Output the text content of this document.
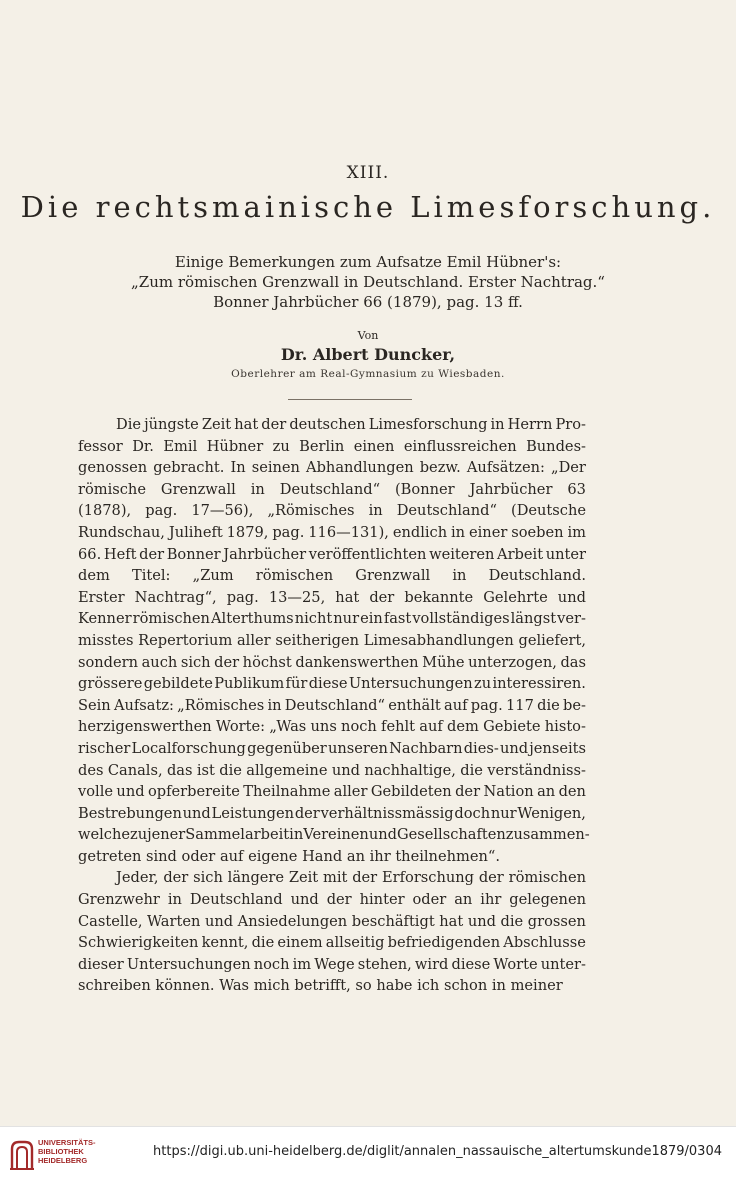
XIII.
Die rechtsmainische Limesforschung.
Einige Bemerkungen zum Aufsatze Emil Hübner's:
„Zum römischen Grenzwall in Deutschland. Erster Nachtrag.“
Bonner Jahrbücher 66 (1879), pag. 13 ff.
Von
Dr. Albert Duncker,
Oberlehrer am Real-Gymnasium zu Wiesbaden.
Die jüngste Zeit hat der deutschen Limesforschung in Herrn Pro-
fessor Dr. Emil Hübner zu Berlin einen einflussreichen Bundes-
genossen gebracht. In seinen Abhandlungen bezw. Aufsätzen: „Der
römische Grenzwall in Deutschland“ (Bonner Jahrbücher 63
(1878), pag. 17—56), „Römisches in Deutschland“ (Deutsche
Rundschau, Juliheft 1879, pag. 116—131), endlich in einer soeben im
66. Heft der Bonner Jahrbücher veröffentlichten weiteren Arbeit unter
dem Titel: „Zum römischen Grenzwall in Deutschland.
Erster Nachtrag“, pag. 13—25, hat der bekannte Gelehrte und
Kenner römischen Alterthums nicht nur ein fast vollständiges längst ver-
misstes Repertorium aller seitherigen Limesabhandlungen geliefert,
sondern auch sich der höchst dankenswerthen Mühe unterzogen, das
grössere gebildete Publikum für diese Untersuchungen zu interessiren.
Sein Aufsatz: „Römisches in Deutschland“ enthält auf pag. 117 die be-
herzigenswerthen Worte: „Was uns noch fehlt auf dem Gebiete histo-
rischer Localforschung gegenüber unseren Nachbarn dies- und jenseits
des Canals, das ist die allgemeine und nachhaltige, die verständniss-
volle und opferbereite Theilnahme aller Gebildeten der Nation an den
Bestrebungen und Leistungen der verhältnissmässig doch nur Wenigen,
welche zu jener Sammelarbeit in Vereinen und Gesellschaften zusammen-
getreten
sind
oder
auf
eigene
Hand
an
ihr
theilnehmen“.
Jeder, der sich längere Zeit mit der Erforschung der römischen
Grenzwehr in Deutschland und der hinter oder an ihr gelegenen
Castelle, Warten und Ansiedelungen beschäftigt hat und die grossen
Schwierigkeiten kennt, die einem allseitig befriedigenden Abschlusse
dieser Untersuchungen noch im Wege stehen, wird diese Worte unter-
schreiben
können.
Was
mich
betrifft,
so
habe
ich
schon
in
meiner
UNIVERSITÄTS-
BIBLIOTHEK
HEIDELBERG
https://digi.ub.uni-heidelberg.de/diglit/annalen_nassauische_altertumskunde1879/0304
